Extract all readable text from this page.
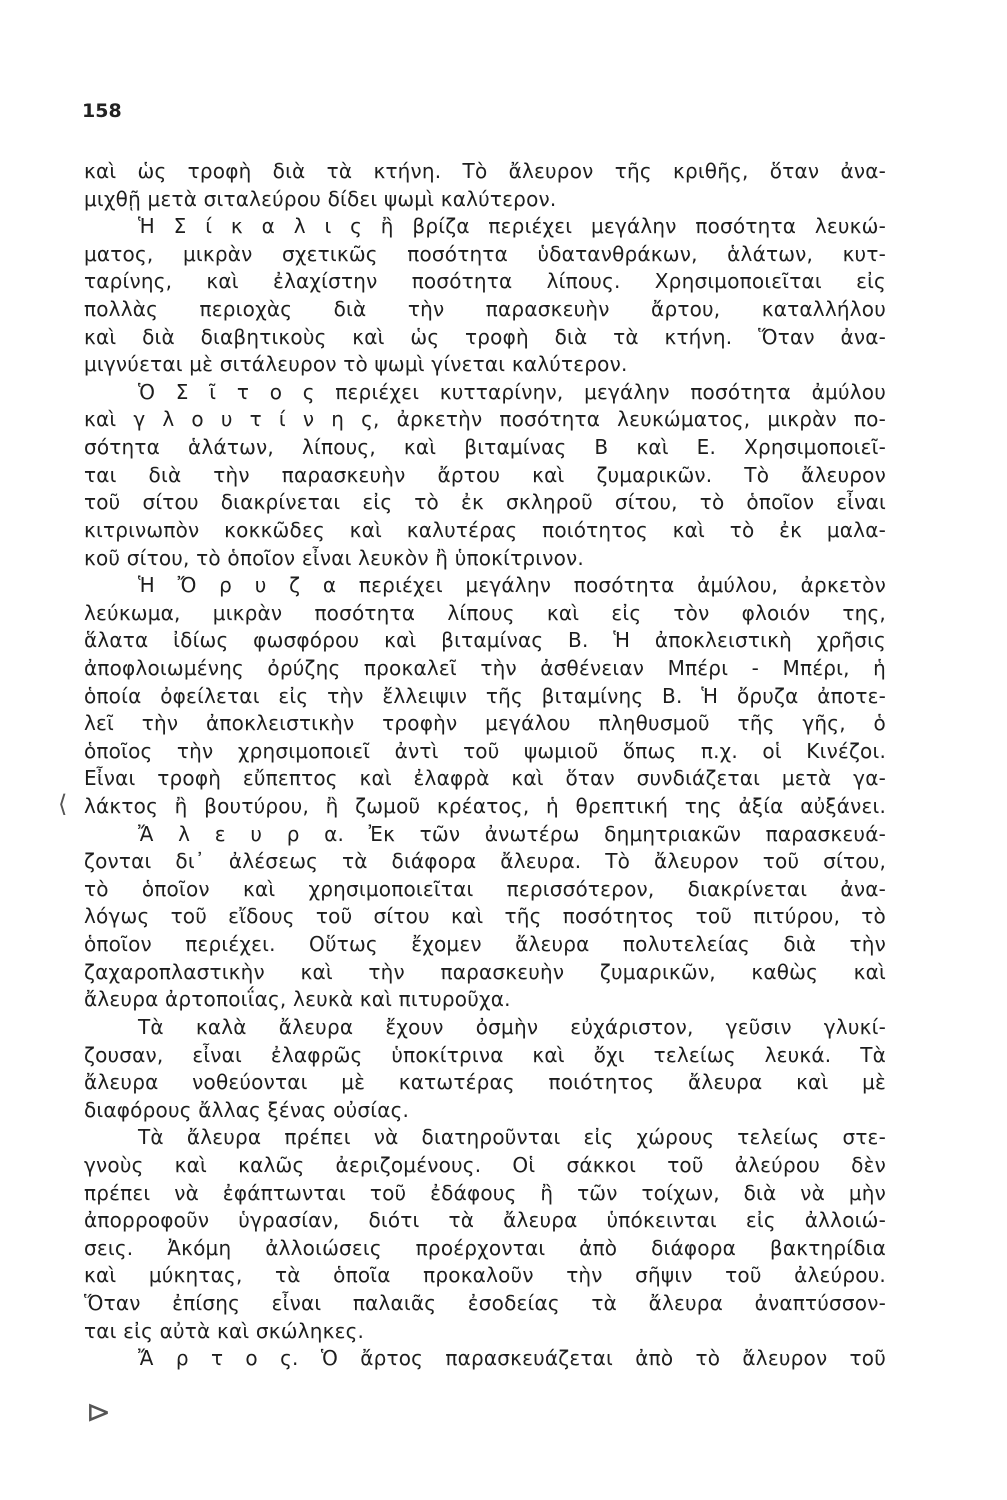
158
καὶ ὡς τροφὴ διὰ τὰ κτήνη. Τὸ ἄλευρον τῆς κριθῆς, ὅταν ἀνα-
μιχθῇ μετὰ σιταλεύρου δίδει ψωμὶ καλύτερον.
Ἡ Σ ί κ α λ ι ς ἢ βρίζα περιέχει μεγάλην ποσότητα λευκώ-
ματος, μικρὰν σχετικῶς ποσότητα ὑδατανθράκων, ἁλάτων, κυτ-
ταρίνης, καὶ ἐλαχίστην ποσότητα λίπους. Χρησιμοποιεῖται εἰς
πολλὰς περιοχὰς διὰ τὴν παρασκευὴν ἄρτου, καταλλήλου
καὶ διὰ διαβητικοὺς καὶ ὡς τροφὴ διὰ τὰ κτήνη. Ὅταν ἀνα-
μιγνύεται μὲ σιτάλευρον τὸ ψωμὶ γίνεται καλύτερον.
Ὁ Σ ῖ τ ο ς περιέχει κυτταρίνην, μεγάλην ποσότητα ἀμύλου
καὶ γ λ ο υ τ ί ν η ς, ἀρκετὴν ποσότητα λευκώματος, μικρὰν πο-
σότητα ἁλάτων, λίπους, καὶ βιταμίνας Β καὶ Ε. Χρησιμοποιεῖ-
ται διὰ τὴν παρασκευὴν ἄρτου καὶ ζυμαρικῶν. Τὸ ἄλευρον
τοῦ σίτου διακρίνεται εἰς τὸ ἐκ σκληροῦ σίτου, τὸ ὁποῖον εἶναι
κιτρινωπὸν κοκκῶδες καὶ καλυτέρας ποιότητος καὶ τὸ ἐκ μαλα-
κοῦ σίτου, τὸ ὁποῖον εἶναι λευκὸν ἢ ὑποκίτρινον.
Ἡ Ὄ ρ υ ζ α περιέχει μεγάλην ποσότητα ἀμύλου, ἀρκετὸν
λεύκωμα, μικρὰν ποσότητα λίπους καὶ εἰς τὸν φλοιόν της,
ἅλατα ἰδίως φωσφόρου καὶ βιταμίνας Β. Ἡ ἀποκλειστικὴ χρῆσις
ἀποφλοιωμένης ὀρύζης προκαλεῖ τὴν ἀσθένειαν Μπέρι - Μπέρι, ἡ
ὁποία ὀφείλεται εἰς τὴν ἔλλειψιν τῆς βιταμίνης Β. Ἡ ὄρυζα ἀποτε-
λεῖ τὴν ἀποκλειστικὴν τροφὴν μεγάλου πληθυσμοῦ τῆς γῆς, ὁ
ὁποῖος τὴν χρησιμοποιεῖ ἀντὶ τοῦ ψωμιοῦ ὅπως π.χ. οἱ Κινέζοι.
Εἶναι τροφὴ εὔπεπτος καὶ ἐλαφρὰ καὶ ὅταν συνδιάζεται μετὰ γα-
λάκτος ἢ βουτύρου, ἢ ζωμοῦ κρέατος, ἡ θρεπτική της ἀξία αὐξάνει.
Ἄ λ ε υ ρ α. Ἐκ τῶν ἀνωτέρω δημητριακῶν παρασκευά-
ζονται δι᾽ ἀλέσεως τὰ διάφορα ἄλευρα. Τὸ ἄλευρον τοῦ σίτου,
τὸ ὁποῖον καὶ χρησιμοποιεῖται περισσότερον, διακρίνεται ἀνα-
λόγως τοῦ εἴδους τοῦ σίτου καὶ τῆς ποσότητος τοῦ πιτύρου, τὸ
ὁποῖον περιέχει. Οὕτως ἔχομεν ἄλευρα πολυτελείας διὰ τὴν
ζαχαροπλαστικὴν καὶ τὴν παρασκευὴν ζυμαρικῶν, καθὼς καὶ
ἄλευρα ἀρτοποιΐας, λευκὰ καὶ πιτυροῦχα.
Τὰ καλὰ ἄλευρα ἔχουν ὀσμὴν εὐχάριστον, γεῦσιν γλυκί-
ζουσαν, εἶναι ἐλαφρῶς ὑποκίτρινα καὶ ὄχι τελείως λευκά. Τὰ
ἄλευρα νοθεύονται μὲ κατωτέρας ποιότητος ἄλευρα καὶ μὲ
διαφόρους ἄλλας ξένας οὐσίας.
Τὰ ἄλευρα πρέπει νὰ διατηροῦνται εἰς χώρους τελείως στε-
γνοὺς καὶ καλῶς ἀεριζομένους. Οἱ σάκκοι τοῦ ἀλεύρου δὲν
πρέπει νὰ ἐφάπτωνται τοῦ ἐδάφους ἢ τῶν τοίχων, διὰ νὰ μὴν
ἀπορροφοῦν ὑγρασίαν, διότι τὰ ἄλευρα ὑπόκεινται εἰς ἀλλοιώ-
σεις. Ἀκόμη ἀλλοιώσεις προέρχονται ἀπὸ διάφορα βακτηρίδια
καὶ μύκητας, τὰ ὁποῖα προκαλοῦν τὴν σῆψιν τοῦ ἀλεύρου.
Ὅταν ἐπίσης εἶναι παλαιᾶς ἐσοδείας τὰ ἄλευρα ἀναπτύσσον-
ται εἰς αὐτὰ καὶ σκώληκες.
Ἄ ρ τ ο ς. Ὁ ἄρτος παρασκευάζεται ἀπὸ τὸ ἄλευρον τοῦ
⟨
⊳
